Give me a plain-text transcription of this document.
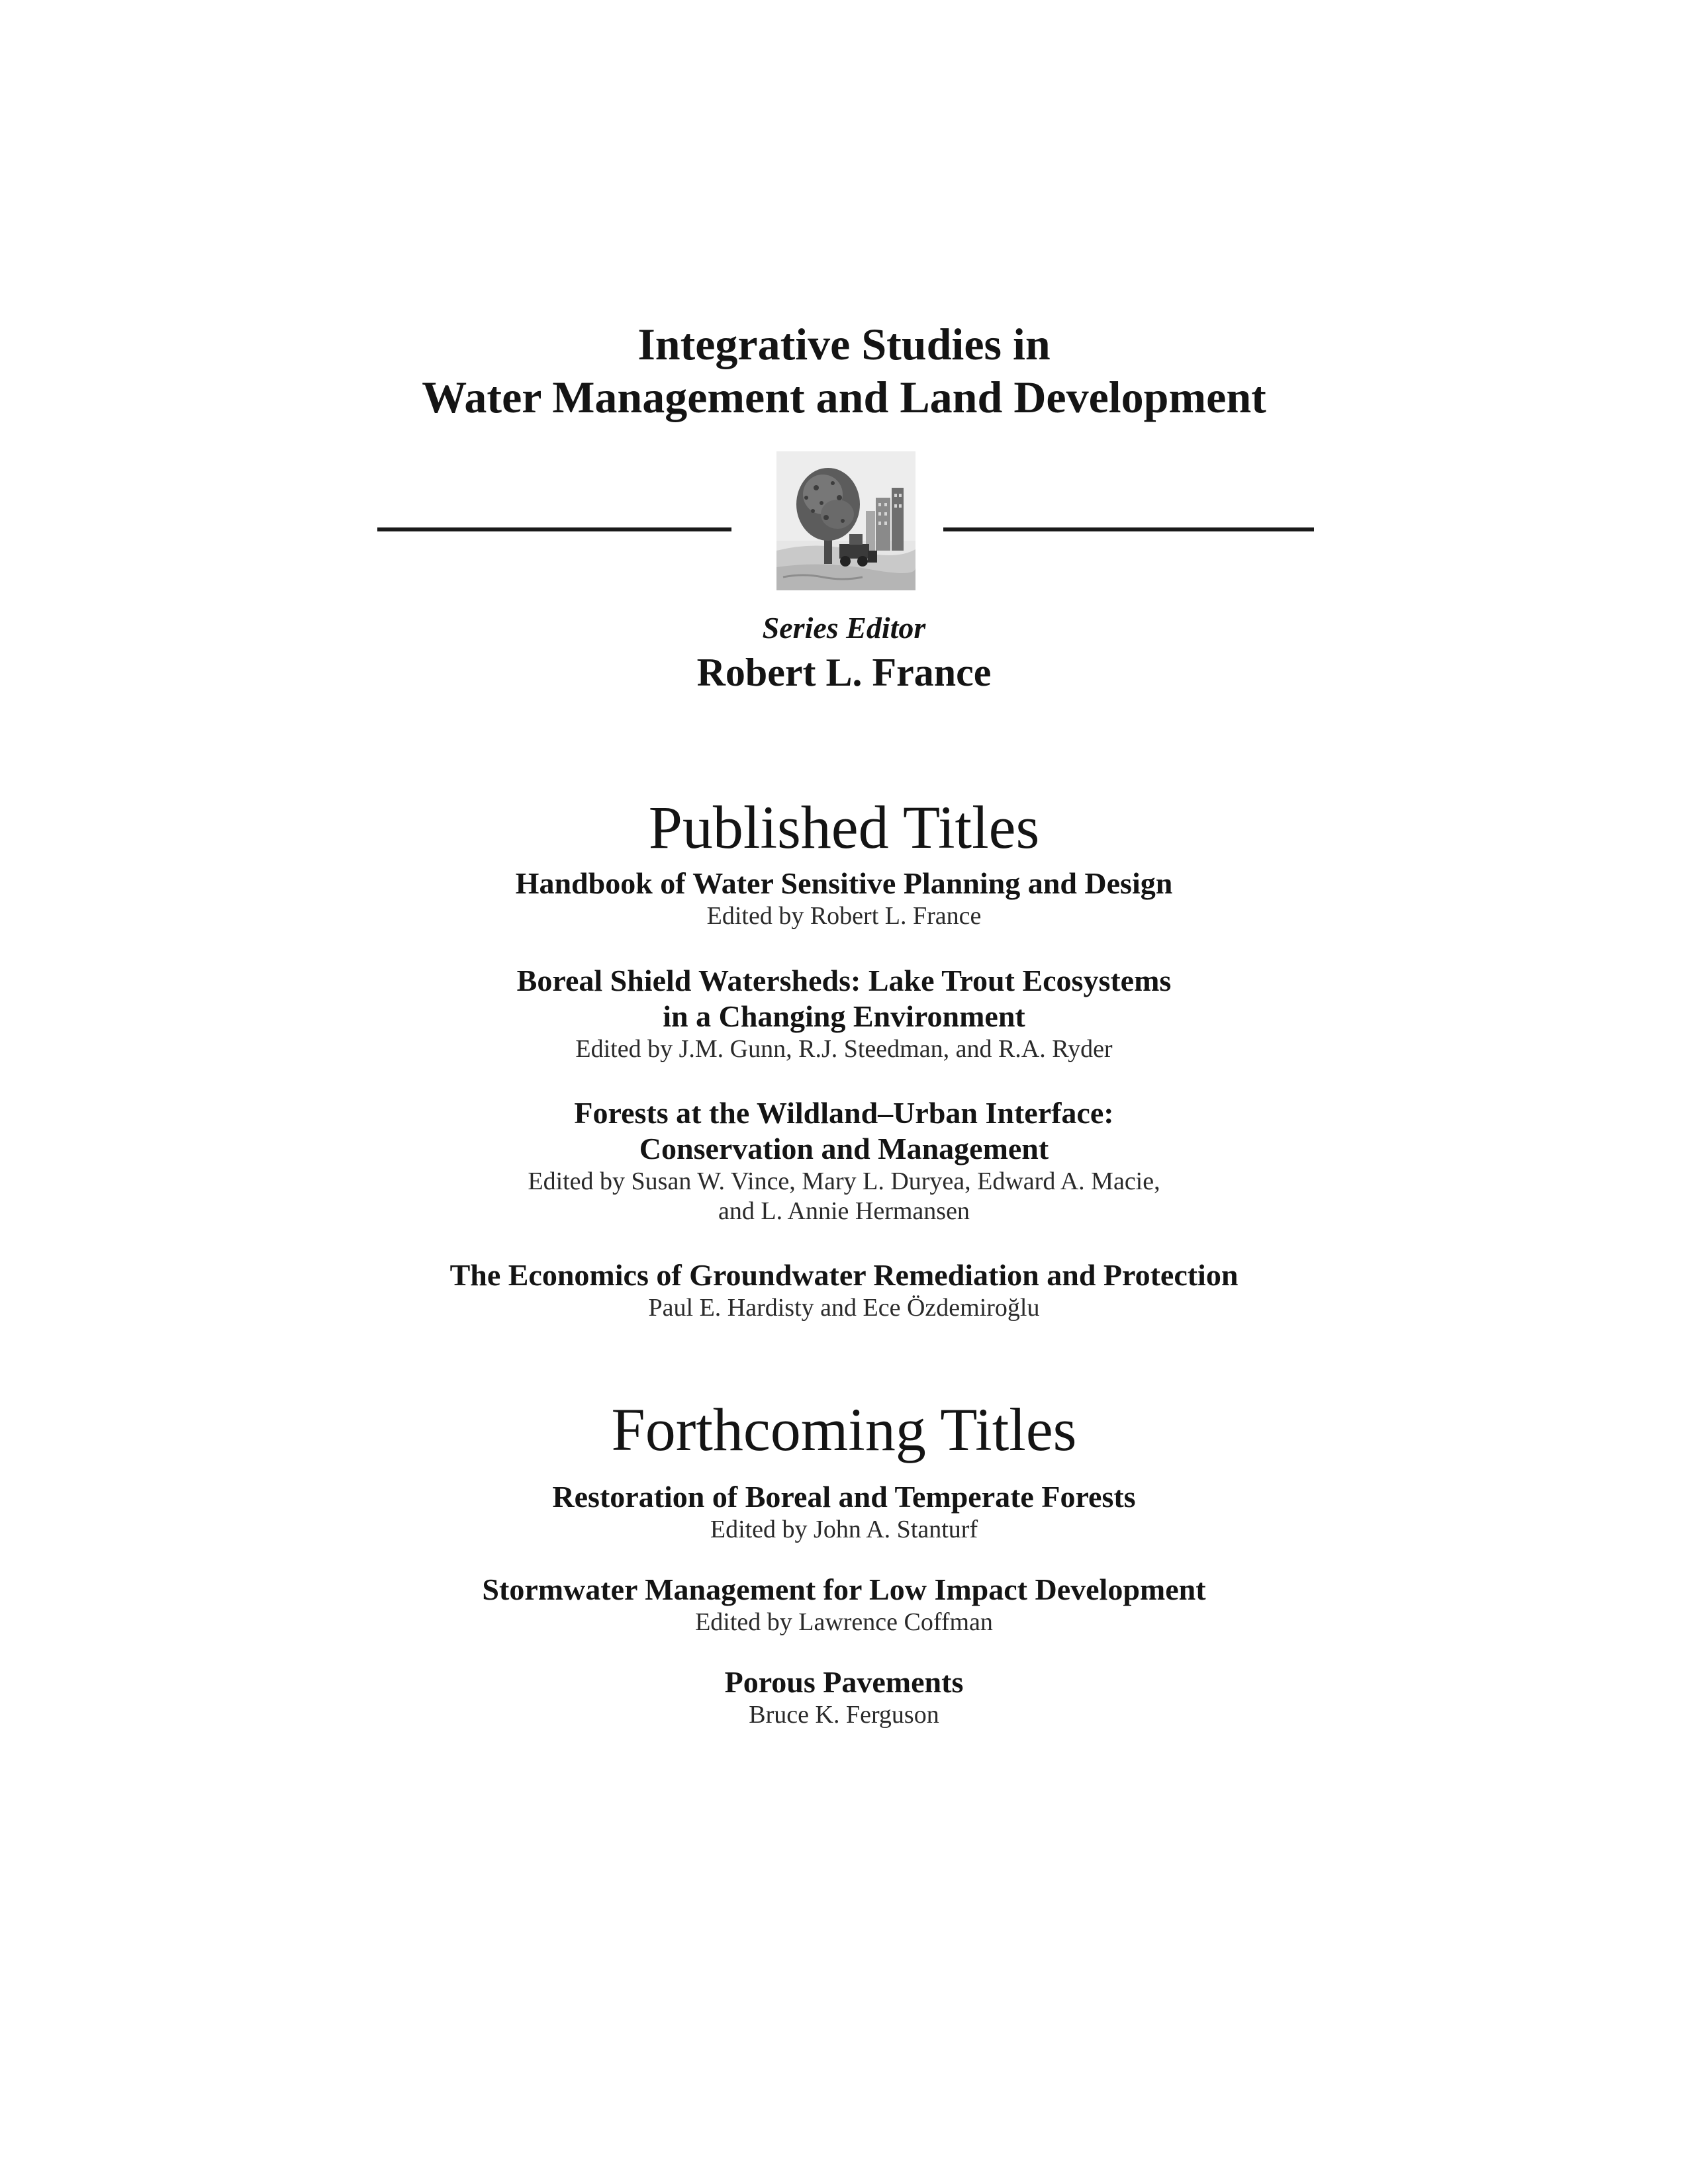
Integrative Studies in
Water Management and Land Development
Series Editor
Robert L. France
Published Titles
Handbook of Water Sensitive Planning and Design
Edited by Robert L. France
Boreal Shield Watersheds: Lake Trout Ecosystems
in a Changing Environment
Edited by J.M. Gunn, R.J. Steedman, and R.A. Ryder
Forests at the Wildland–Urban Interface:
Conservation and Management
Edited by Susan W. Vince, Mary L. Duryea, Edward A. Macie,
and L. Annie Hermansen
The Economics of Groundwater Remediation and Protection
Paul E. Hardisty and Ece Özdemiroğlu
Forthcoming Titles
Restoration of Boreal and Temperate Forests
Edited by John A. Stanturf
Stormwater Management for Low Impact Development
Edited by Lawrence Coffman
Porous Pavements
Bruce K. Ferguson
